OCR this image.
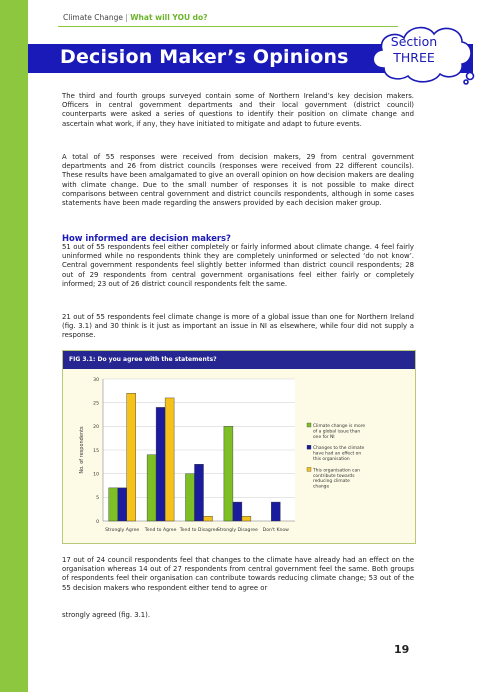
Climate Change | What will YOU do?
Decision Maker’s Opinions
Section
THREE

The third and fourth groups surveyed contain some of Northern Ireland’s key decision makers. Officers in central government departments and their local government (district council) counterparts were asked a series of questions to identify their position on climate change and ascertain what work, if any, they have initiated to mitigate and adapt to future events.

A total of 55 responses were received from decision makers, 29 from central government departments and 26 from district councils (responses were received from 22 different councils). These results have been amalgamated to give an overall opinion on how decision makers are dealing with climate change. Due to the small number of responses it is not possible to make direct comparisons between central government and district councils respondents, although in some cases statements have been made regarding the answers provided by each decision maker group.

How informed are decision makers?

51 out of 55 respondents feel either completely or fairly informed about climate change. 4 feel fairly uninformed while no respondents think they are completely uninformed or selected ‘do not know’. Central government respondents feel slightly better informed than district council respondents; 28 out of 29 respondents from central government organisations feel either fairly or completely informed; 23 out of 26 district council respondents felt the same.

21 out of 55 respondents feel climate change is more of a global issue than one for Northern Ireland (fig. 3.1) and 30 think is it just as important an issue in NI as elsewhere, while four did not supply a response.

FIG 3.1: Do you agree with the statements?
0
5
10
15
20
25
30
No. of respondents
Strongly Agree Tend to Agree Tend to Disagree
Strongly Disagree Don't Know
Climate change is more of a global issue than one for NI
Changes to the climate have had an effect on this organisation
This organisation can contribute towards reducing climate change

17 out of 24 council respondents feel that changes to the climate have already had an effect on the organisation whereas 14 out of 27 respondents from central government feel the same. Both groups of respondents feel their organisation can contribute towards reducing climate change; 53 out of the 55 decision makers who respondent either tend to agree or

strongly agreed (fig. 3.1).

19
